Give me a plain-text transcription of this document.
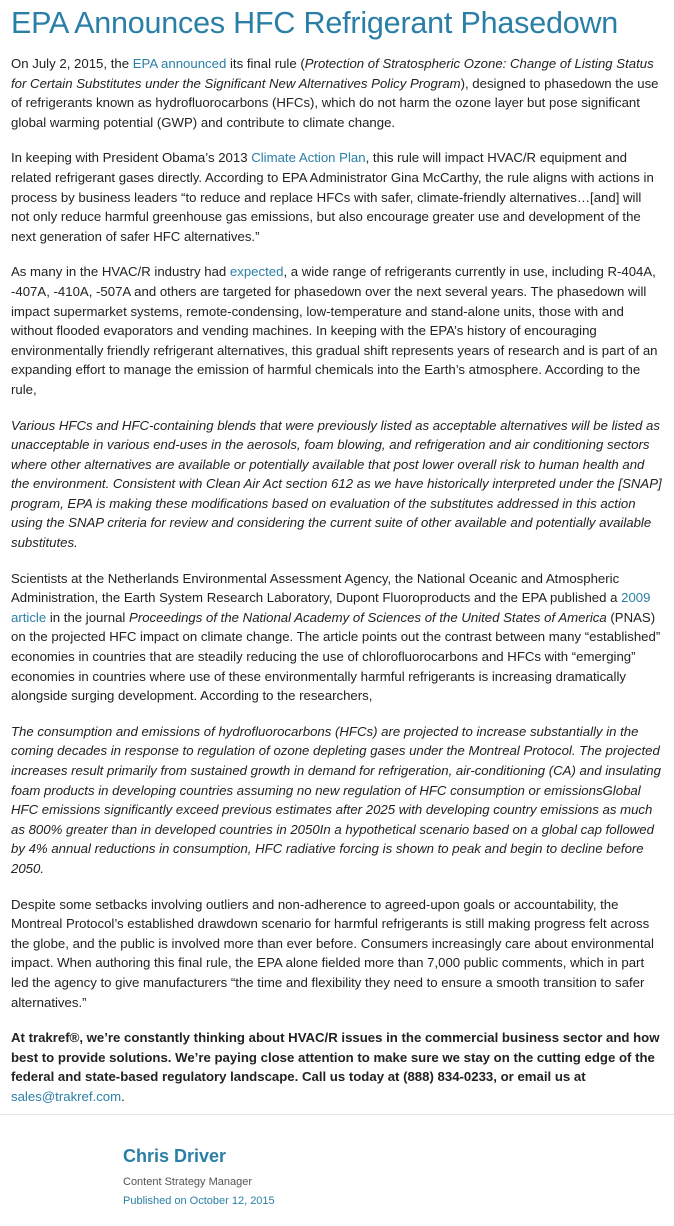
EPA Announces HFC Refrigerant Phasedown

On July 2, 2015, the EPA announced its final rule (Protection of Stratospheric Ozone: Change of Listing Status for Certain Substitutes under the Significant New Alternatives Policy Program), designed to phasedown the use of refrigerants known as hydrofluorocarbons (HFCs), which do not harm the ozone layer but pose significant global warming potential (GWP) and contribute to climate change.

In keeping with President Obama’s 2013 Climate Action Plan, this rule will impact HVAC/R equipment and related refrigerant gases directly. According to EPA Administrator Gina McCarthy, the rule aligns with actions in process by business leaders “to reduce and replace HFCs with safer, climate-friendly alternatives…[and] will not only reduce harmful greenhouse gas emissions, but also encourage greater use and development of the next generation of safer HFC alternatives.”

As many in the HVAC/R industry had expected, a wide range of refrigerants currently in use, including R-404A, -407A, -410A, -507A and others are targeted for phasedown over the next several years. The phasedown will impact supermarket systems, remote-condensing, low-temperature and stand-alone units, those with and without flooded evaporators and vending machines. In keeping with the EPA’s history of encouraging environmentally friendly refrigerant alternatives, this gradual shift represents years of research and is part of an expanding effort to manage the emission of harmful chemicals into the Earth’s atmosphere. According to the rule,

Various HFCs and HFC-containing blends that were previously listed as acceptable alternatives will be listed as unacceptable in various end-uses in the aerosols, foam blowing, and refrigeration and air conditioning sectors where other alternatives are available or potentially available that post lower overall risk to human health and the environment. Consistent with Clean Air Act section 612 as we have historically interpreted under the [SNAP] program, EPA is making these modifications based on evaluation of the substitutes addressed in this action using the SNAP criteria for review and considering the current suite of other available and potentially available substitutes.

Scientists at the Netherlands Environmental Assessment Agency, the National Oceanic and Atmospheric Administration, the Earth System Research Laboratory, Dupont Fluoroproducts and the EPA published a 2009 article in the journal Proceedings of the National Academy of Sciences of the United States of America (PNAS) on the projected HFC impact on climate change. The article points out the contrast between many “established” economies in countries that are steadily reducing the use of chlorofluorocarbons and HFCs with “emerging” economies in countries where use of these environmentally harmful refrigerants is increasing dramatically alongside surging development. According to the researchers,

The consumption and emissions of hydrofluorocarbons (HFCs) are projected to increase substantially in the coming decades in response to regulation of ozone depleting gases under the Montreal Protocol. The projected increases result primarily from sustained growth in demand for refrigeration, air-conditioning (CA) and insulating foam products in developing countries assuming no new regulation of HFC consumption or emissionsGlobal HFC emissions significantly exceed previous estimates after 2025 with developing country emissions as much as 800% greater than in developed countries in 2050In a hypothetical scenario based on a global cap followed by 4% annual reductions in consumption, HFC radiative forcing is shown to peak and begin to decline before 2050.

Despite some setbacks involving outliers and non-adherence to agreed-upon goals or accountability, the Montreal Protocol’s established drawdown scenario for harmful refrigerants is still making progress felt across the globe, and the public is involved more than ever before. Consumers increasingly care about environmental impact. When authoring this final rule, the EPA alone fielded more than 7,000 public comments, which in part led the agency to give manufacturers “the time and flexibility they need to ensure a smooth transition to safer alternatives.”

At trakref®, we’re constantly thinking about HVAC/R issues in the commercial business sector and how best to provide solutions. We’re paying close attention to make sure we stay on the cutting edge of the federal and state-based regulatory landscape. Call us today at (888) 834-0233, or email us at sales@trakref.com.

Chris Driver
Content Strategy Manager
Published on October 12, 2015
